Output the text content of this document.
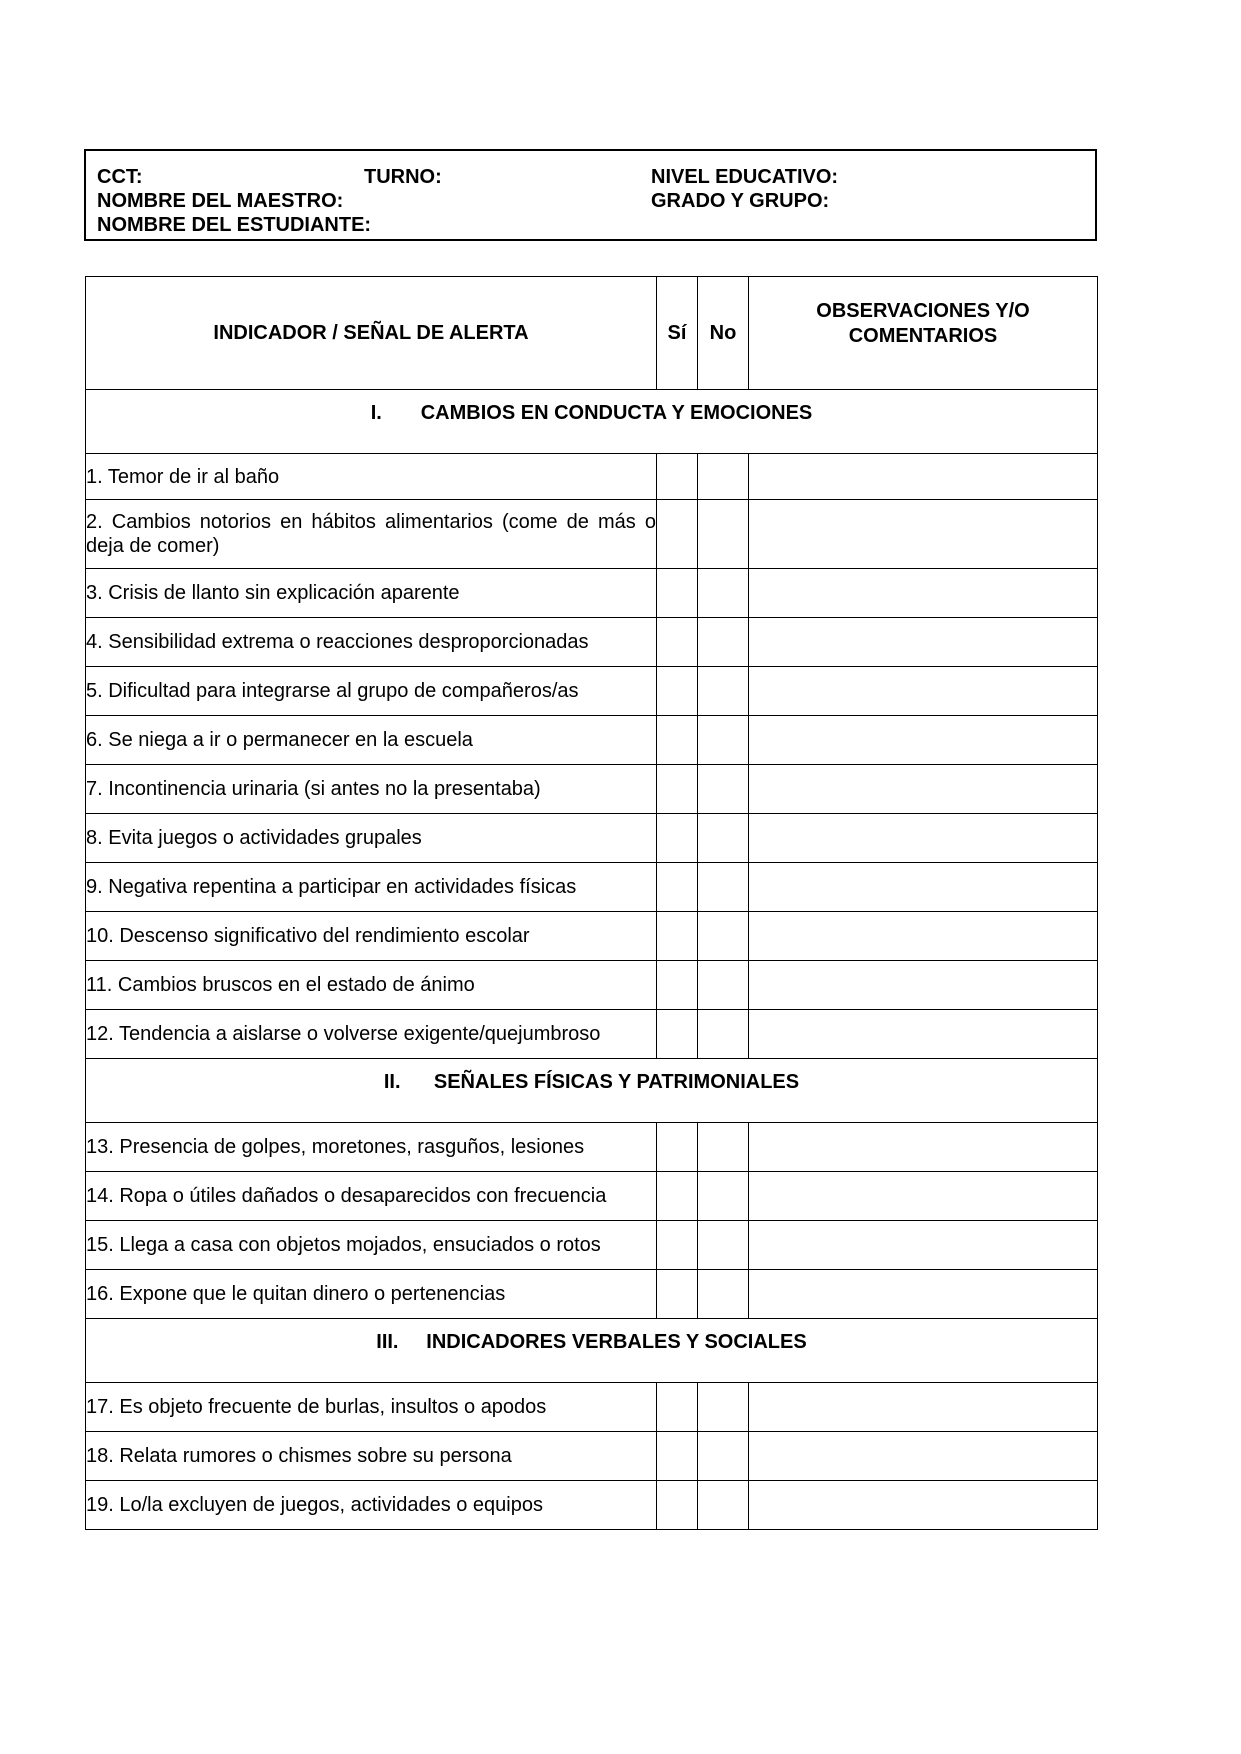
CCT:	TURNO:	NIVEL EDUCATIVO:
NOMBRE DEL MAESTRO:	GRADO Y GRUPO:
NOMBRE DEL ESTUDIANTE:
INDICADOR / SEÑAL DE ALERTA	Sí	No	OBSERVACIONES Y/O
COMENTARIOS

I. CAMBIOS EN CONDUCTA Y EMOCIONES			
1. Temor de ir al baño			
2. Cambios notorios en hábitos alimentarios (come de más o deja de comer)			
3. Crisis de llanto sin explicación aparente			
4. Sensibilidad extrema o reacciones desproporcionadas			
5. Dificultad para integrarse al grupo de compañeros/as			
6. Se niega a ir o permanecer en la escuela			
7. Incontinencia urinaria (si antes no la presentaba)			
8. Evita juegos o actividades grupales			
9. Negativa repentina a participar en actividades físicas			
10. Descenso significativo del rendimiento escolar			
11. Cambios bruscos en el estado de ánimo			
12. Tendencia a aislarse o volverse exigente/quejumbroso			
II. SEÑALES FÍSICAS Y PATRIMONIALES			
13. Presencia de golpes, moretones, rasguños, lesiones			
14. Ropa o útiles dañados o desaparecidos con frecuencia			
15. Llega a casa con objetos mojados, ensuciados o rotos			
16. Expone que le quitan dinero o pertenencias			
III. INDICADORES VERBALES Y SOCIALES			
17. Es objeto frecuente de burlas, insultos o apodos			
18. Relata rumores o chismes sobre su persona			
19. Lo/la excluyen de juegos, actividades o equipos			
